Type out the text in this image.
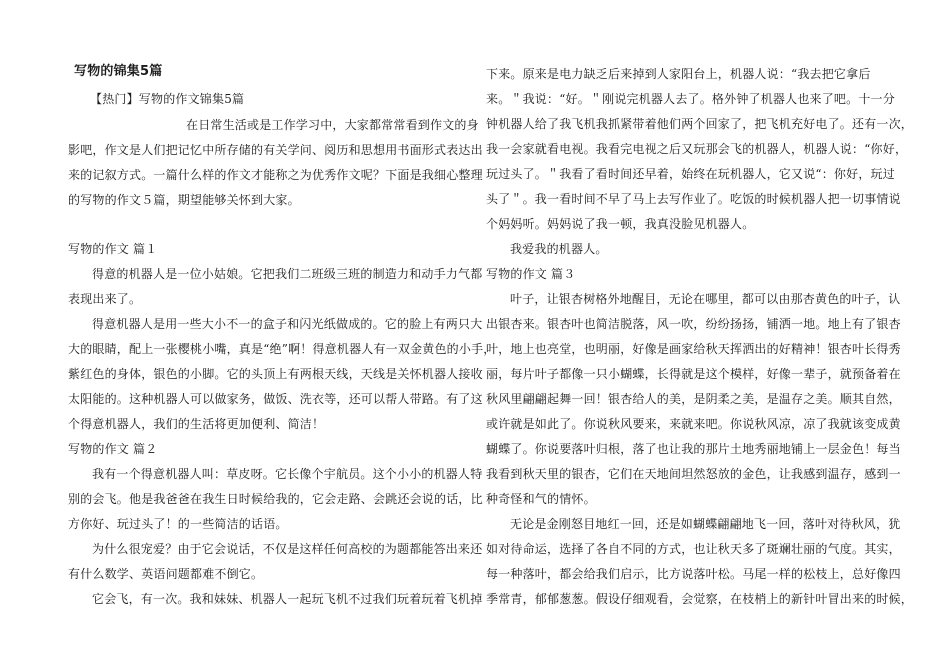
写物的锦集5篇
【热门】写物的作文锦集5篇
在日常生活或是工作学习中，大家都常常看到作文的身
影吧，作文是人们把记忆中所存储的有关学问、阅历和思想用书面形式表达出
来的记叙方式。一篇什么样的作文才能称之为优秀作文呢？下面是我细心整理
的写物的作文５篇，期望能够关怀到大家。
写物的作文 篇１
得意的机器人是一位小姑娘。它把我们二班级三班的制造力和动手力气都
表现出来了。
得意机器人是用一些大小不一的盒子和闪光纸做成的。它的脸上有两只大
大的眼睛，配上一张樱桃小嘴，真是“绝”啊！得意机器人有一双金黄色的小手，
紫红色的身体，银色的小脚。它的头顶上有两根天线，天线是关怀机器人接收
太阳能的。这种机器人可以做家务，做饭、洗衣等，还可以帮人带路。有了这
个得意机器人，我们的生活将更加便利、简洁！
写物的作文 篇２
我有一个得意机器人叫：草皮呀。它长像个宇航员。这个小小的机器人特
别的会飞。他是我爸爸在我生日时候给我的，它会走路、会跳还会说的话，比
方你好、玩过头了！的一些简洁的话语。
为什么很宠爱？由于它会说话，不仅是这样任何高校的为题都能答出来还
有什么数学、英语问题都难不倒它。
它会飞，有一次。我和妹妹、机器人一起玩飞机不过我们玩着玩着飞机掉
下来。原来是电力缺乏后来掉到人家阳台上，机器人说：“我去把它拿后
来。＂我说：“好。＂刚说完机器人去了。格外钟了机器人也来了吧。十一分
钟机器人给了我飞机我抓紧带着他们两个回家了，把飞机充好电了。还有一次，
我一会家就看电视。我看完电视之后又玩那会飞的机器人，机器人说：“你好，
玩过头了。＂我看了看时间还早着，始终在玩机器人，它又说“：你好，玩过
头了＂。我一看时间不早了马上去写作业了。吃饭的时候机器人把一切事情说
个妈妈听。妈妈说了我一顿，我真没脸见机器人。
我爱我的机器人。
写物的作文 篇３
叶子，让银杏树格外地醒目，无论在哪里，都可以由那杏黄色的叶子，认
出银杏来。银杏叶也简洁脱落，风一吹，纷纷扬扬，铺洒一地。地上有了银杏
叶，地上也亮堂，也明丽，好像是画家给秋天挥洒出的好精神！银杏叶长得秀
丽，每片叶子都像一只小蝴蝶，长得就是这个模样，好像一辈子，就预备着在
秋风里翩翩起舞一回！银杏给人的美，是阴柔之美，是温存之美。顺其自然，
或许就是如此了。你说秋风要来，来就来吧。你说秋风凉，凉了我就该变成黄
蝴蝶了。你说要落叶归根，落了也让我的那片土地秀丽地铺上一层金色！每当
我看到秋天里的银杏，它们在天地间坦然怒放的金色，让我感到温存，感到一
种奇怪和气的情怀。
无论是金刚怒目地红一回，还是如蝴蝶翩翩地飞一回，落叶对待秋风，犹
如对待命运，选择了各自不同的方式，也让秋天多了斑斓壮丽的气度。其实，
每一种落叶，都会给我们启示，比方说落叶松。马尾一样的松枝上，总好像四
季常青，郁郁葱葱。假设仔细观看，会觉察，在枝梢上的新针叶冒出来的时候，
